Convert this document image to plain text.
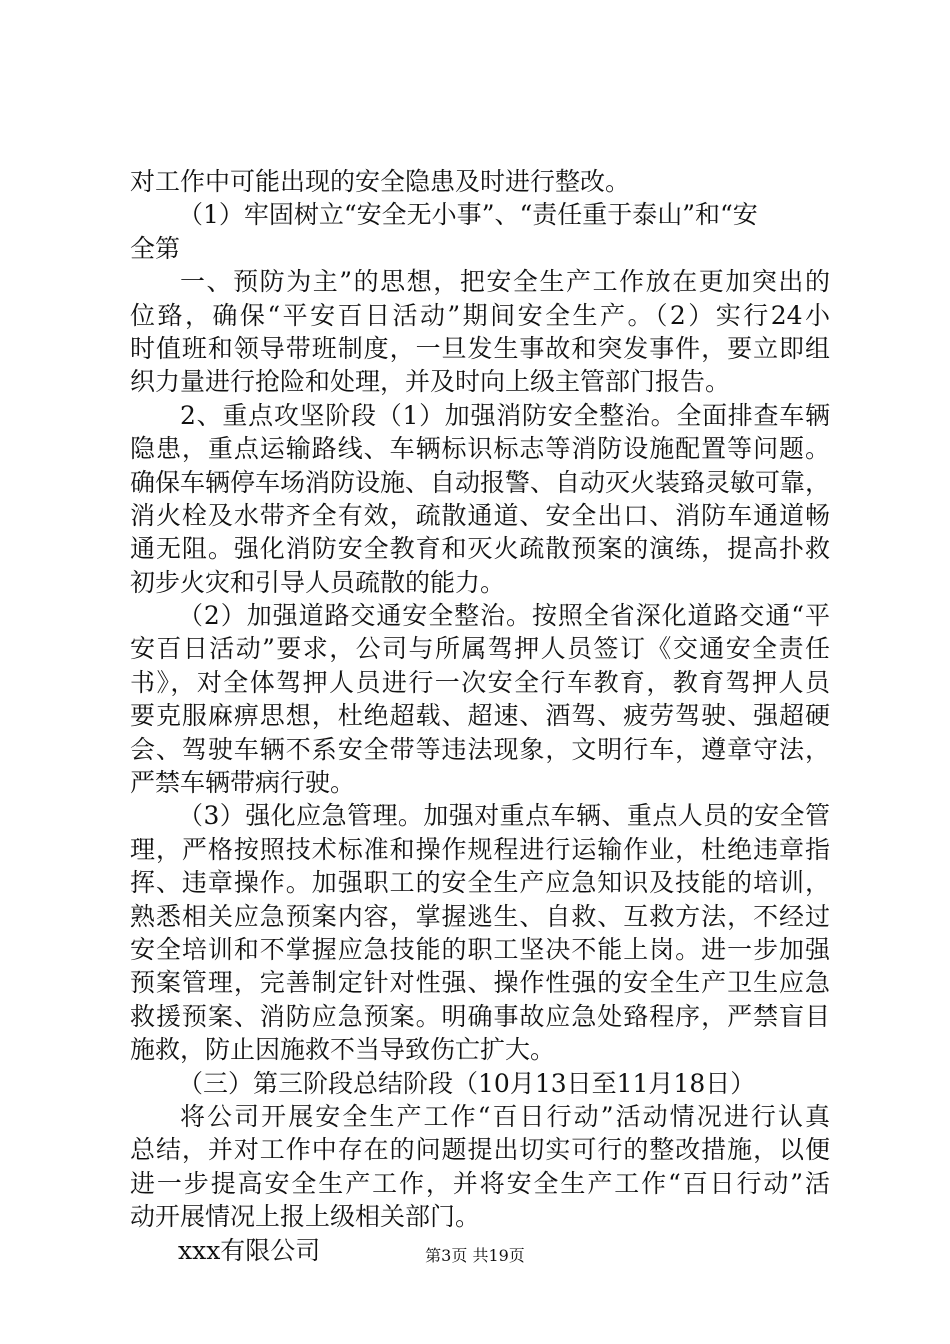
对工作中可能出现的安全隐患及时进行整改。
（1）牢固树立“安全无小事”、“责任重于泰山”和“安
全第
一、预防为主”的思想，把安全生产工作放在更加突出的
位臵，确保“平安百日活动”期间安全生产。（2）实行24小
时值班和领导带班制度，一旦发生事故和突发事件，要立即组
织力量进行抢险和处理，并及时向上级主管部门报告。
2、重点攻坚阶段（1）加强消防安全整治。全面排查车辆
隐患，重点运输路线、车辆标识标志等消防设施配置等问题。
确保车辆停车场消防设施、自动报警、自动灭火装臵灵敏可靠，
消火栓及水带齐全有效，疏散通道、安全出口、消防车通道畅
通无阻。强化消防安全教育和灭火疏散预案的演练，提高扑救
初步火灾和引导人员疏散的能力。
（2）加强道路交通安全整治。按照全省深化道路交通“平
安百日活动”要求，公司与所属驾押人员签订《交通安全责任
书》，对全体驾押人员进行一次安全行车教育，教育驾押人员
要克服麻痹思想，杜绝超载、超速、酒驾、疲劳驾驶、强超硬
会、驾驶车辆不系安全带等违法现象，文明行车，遵章守法，
严禁车辆带病行驶。
（3）强化应急管理。加强对重点车辆、重点人员的安全管
理，严格按照技术标准和操作规程进行运输作业，杜绝违章指
挥、违章操作。加强职工的安全生产应急知识及技能的培训，
熟悉相关应急预案内容，掌握逃生、自救、互救方法，不经过
安全培训和不掌握应急技能的职工坚决不能上岗。进一步加强
预案管理，完善制定针对性强、操作性强的安全生产卫生应急
救援预案、消防应急预案。明确事故应急处臵程序，严禁盲目
施救，防止因施救不当导致伤亡扩大。
（三）第三阶段总结阶段（10月13日至11月18日）
将公司开展安全生产工作“百日行动”活动情况进行认真
总结，并对工作中存在的问题提出切实可行的整改措施，以便
进一步提高安全生产工作，并将安全生产工作“百日行动”活
动开展情况上报上级相关部门。
xxx有限公司	第3页 共19页
